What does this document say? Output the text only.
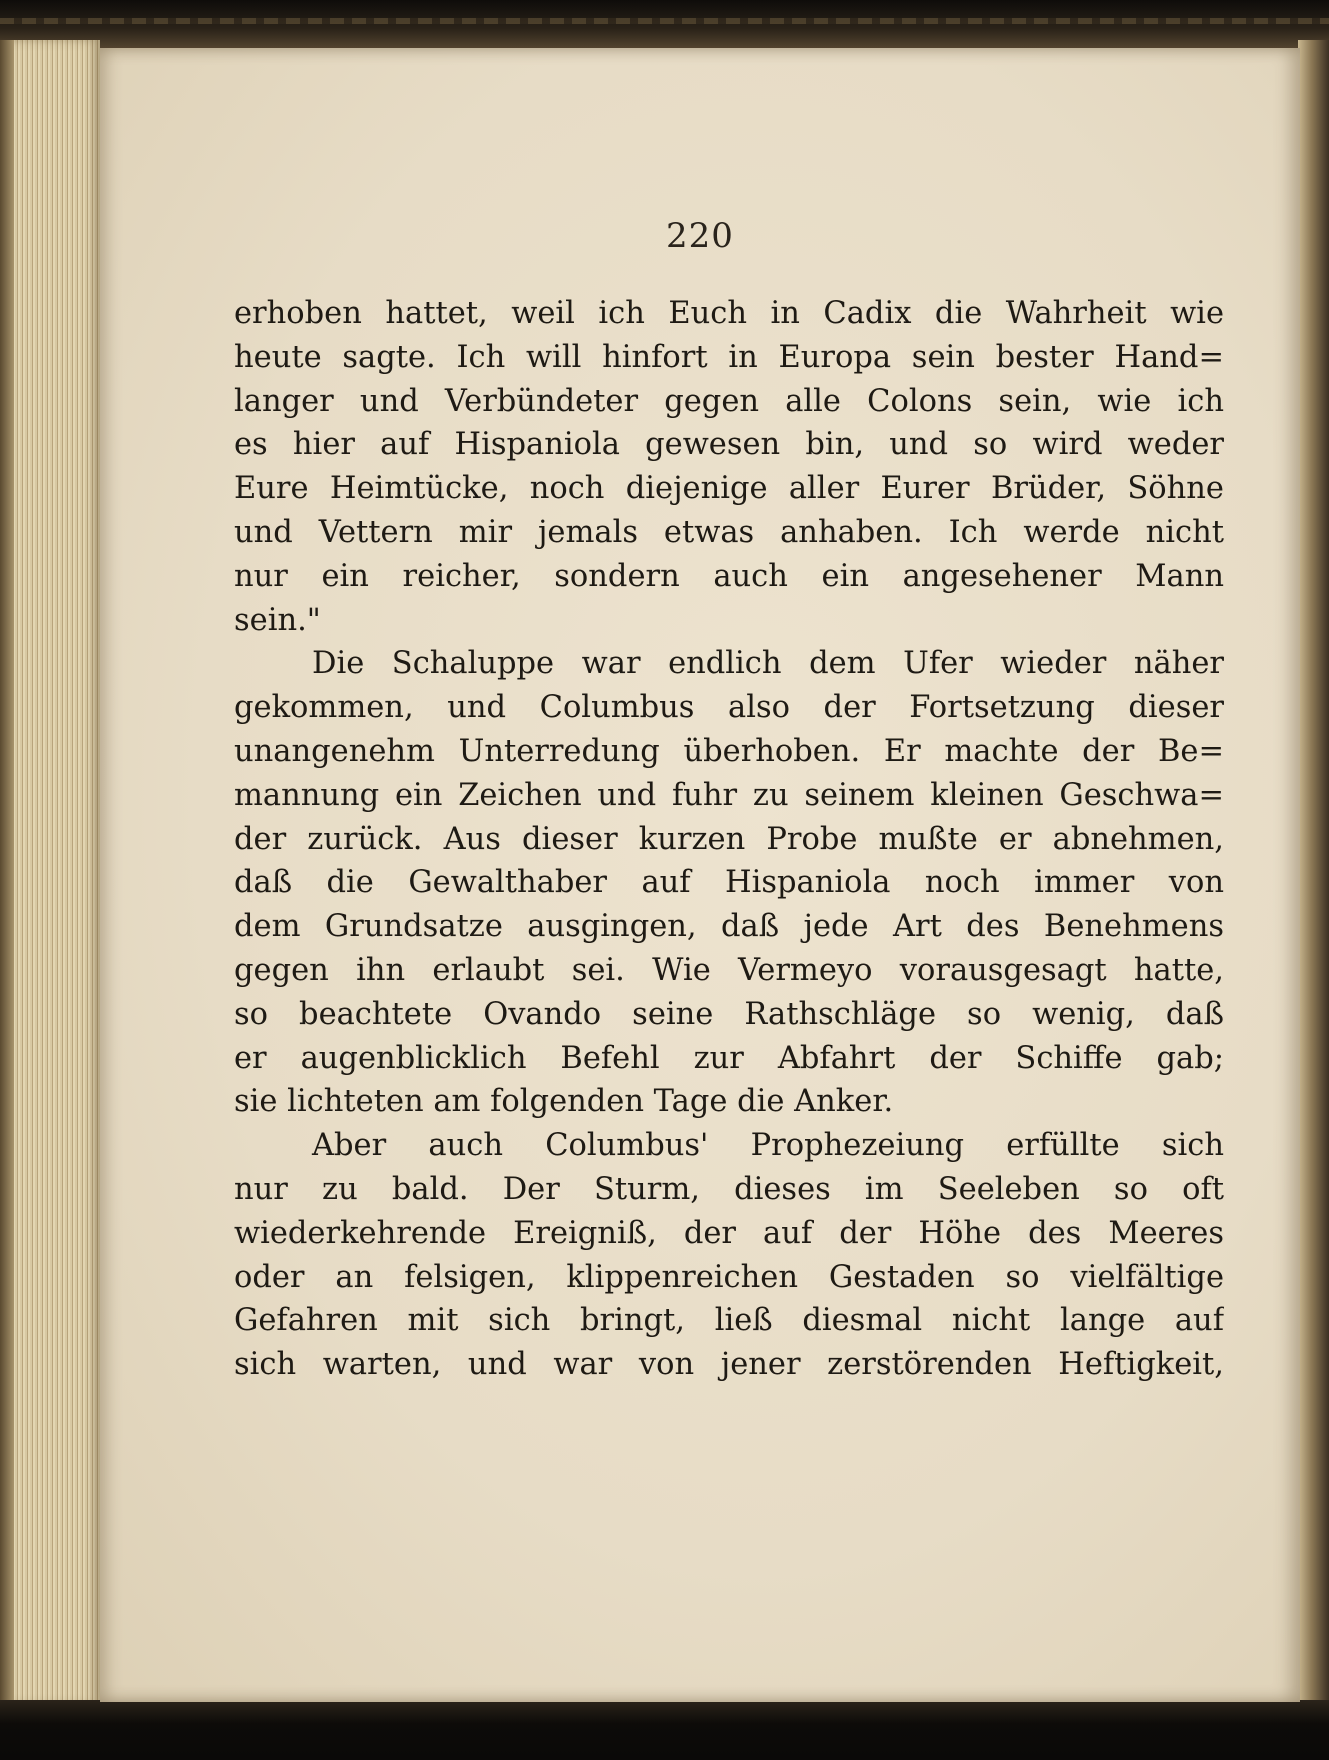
220
erhoben hattet, weil ich Euch in Cadix die Wahrheit wie
heute sagte. Ich will hinfort in Europa sein bester Hand=
langer und Verbündeter gegen alle Colons sein, wie ich
es hier auf Hispaniola gewesen bin, und so wird weder
Eure Heimtücke, noch diejenige aller Eurer Brüder, Söhne
und Vettern mir jemals etwas anhaben. Ich werde nicht
nur ein reicher, sondern auch ein angesehener Mann
sein."
Die Schaluppe war endlich dem Ufer wieder näher
gekommen, und Columbus also der Fortsetzung dieser
unangenehm Unterredung überhoben. Er machte der Be=
mannung ein Zeichen und fuhr zu seinem kleinen Geschwa=
der zurück. Aus dieser kurzen Probe mußte er abnehmen,
daß die Gewalthaber auf Hispaniola noch immer von
dem Grundsatze ausgingen, daß jede Art des Benehmens
gegen ihn erlaubt sei. Wie Vermeyo vorausgesagt hatte,
so beachtete Ovando seine Rathschläge so wenig, daß
er augenblicklich Befehl zur Abfahrt der Schiffe gab;
sie lichteten am folgenden Tage die Anker.
Aber auch Columbus' Prophezeiung erfüllte sich
nur zu bald. Der Sturm, dieses im Seeleben so oft
wiederkehrende Ereigniß, der auf der Höhe des Meeres
oder an felsigen, klippenreichen Gestaden so vielfältige
Gefahren mit sich bringt, ließ diesmal nicht lange auf
sich warten, und war von jener zerstörenden Heftigkeit,
